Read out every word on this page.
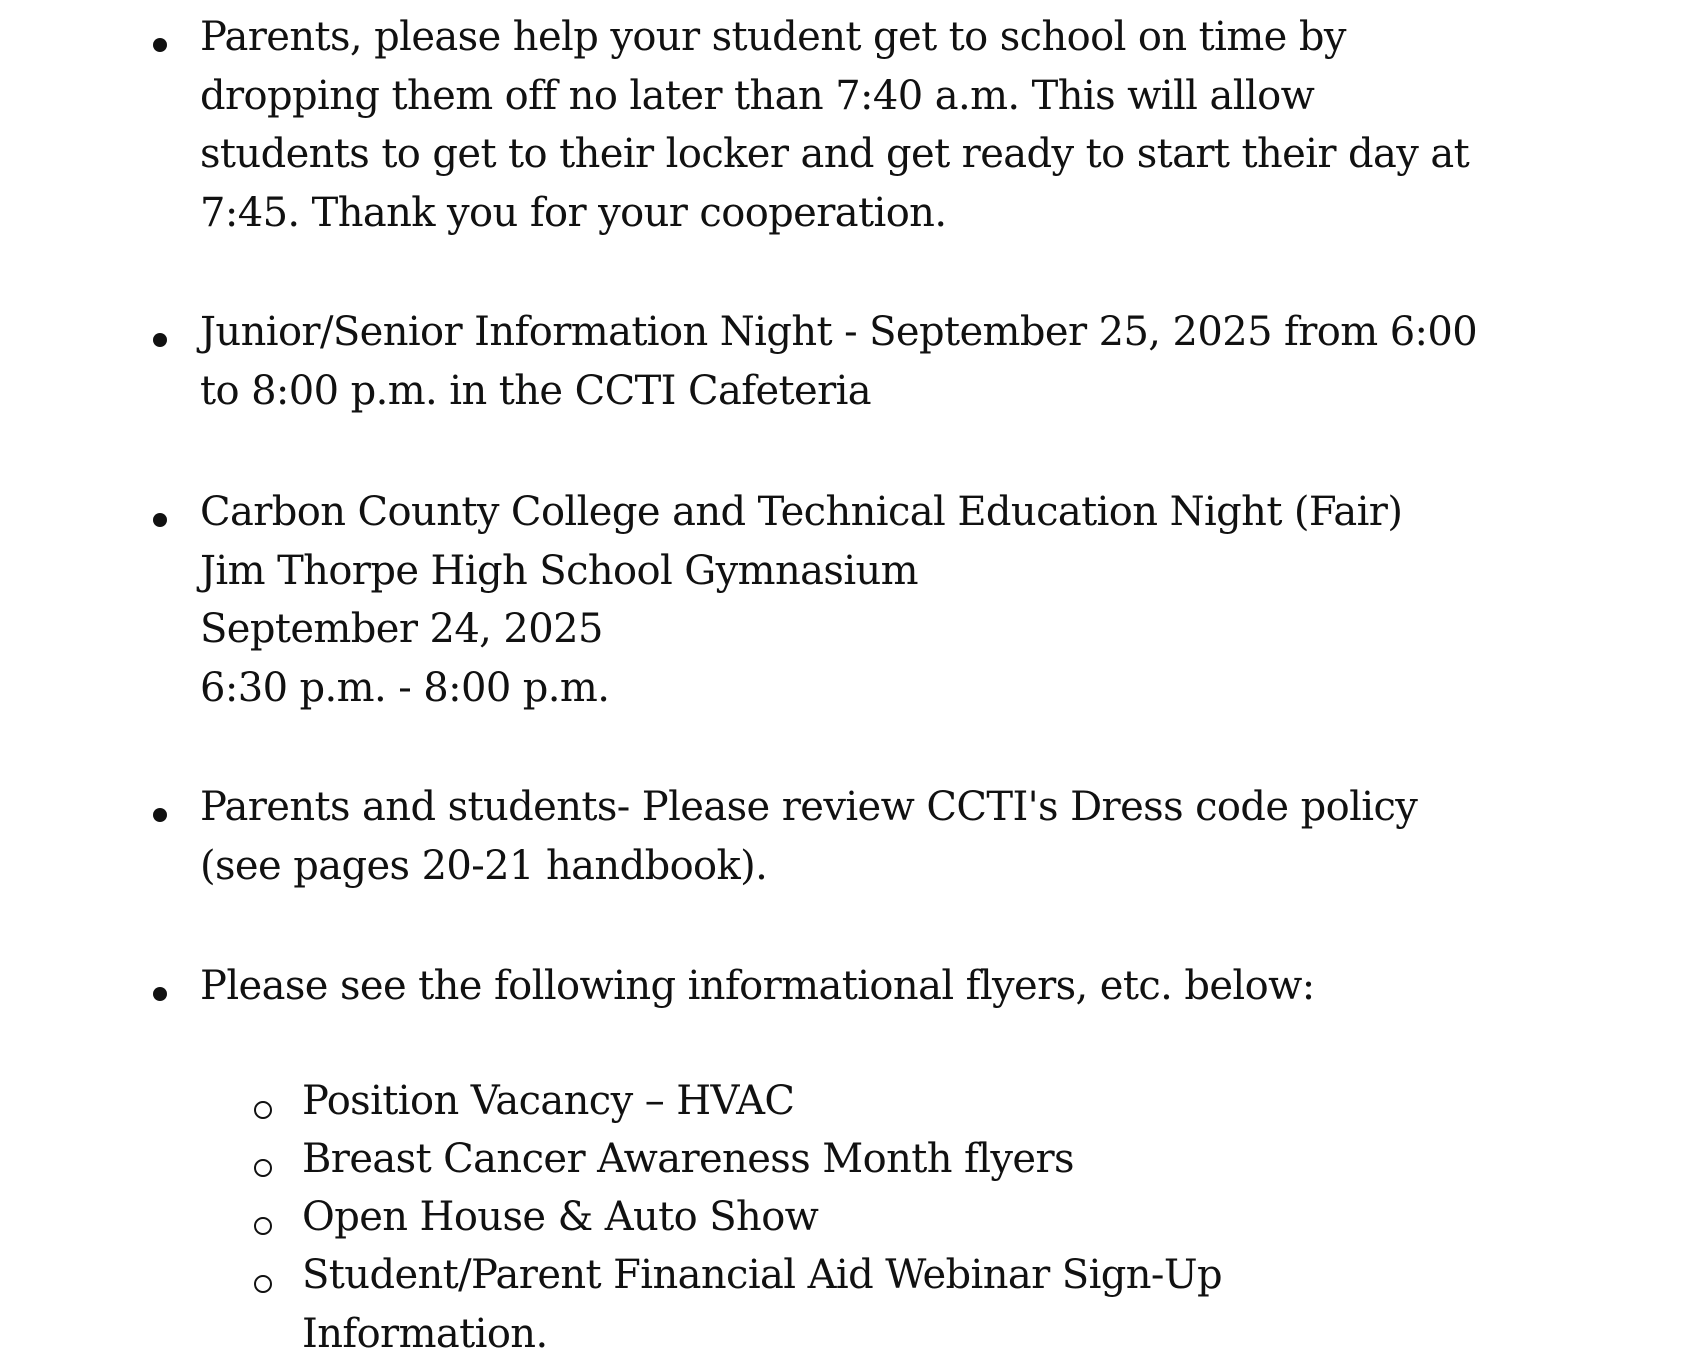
Parents, please help your student get to school on time by
dropping them off no later than 7:40 a.m. This will allow
students to get to their locker and get ready to start their day at
7:45. Thank you for your cooperation.
Junior/Senior Information Night - September 25, 2025 from 6:00
to 8:00 p.m. in the CCTI Cafeteria
Carbon County College and Technical Education Night (Fair)
Jim Thorpe High School Gymnasium
September 24, 2025
6:30 p.m. - 8:00 p.m.
Parents and students- Please review CCTI's Dress code policy
(see pages 20-21 handbook).
Please see the following informational flyers, etc. below:
Position Vacancy – HVAC
Breast Cancer Awareness Month flyers
Open House & Auto Show
Student/Parent Financial Aid Webinar Sign-Up
Information.
